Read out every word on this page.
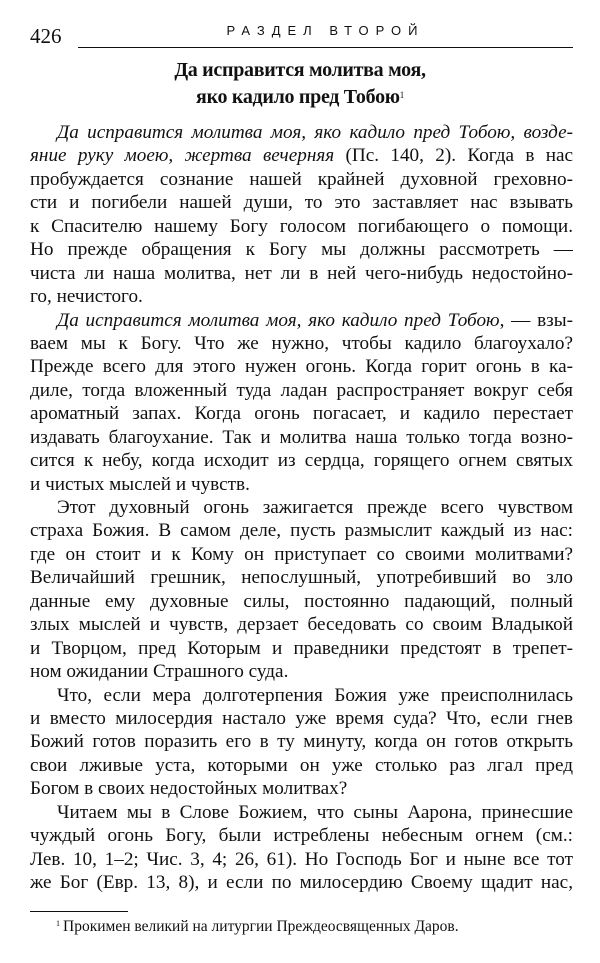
426	РАЗДЕЛ ВТОРОЙ
Да исправится молитва моя,
яко кадило пред Тобою$^1$
Да исправится молитва моя, яко кадило пред Тобою, возде-
яние руку моею, жертва вечерняя (Пс. 140, 2). Когда в нас
пробуждается сознание нашей крайней духовной греховно-
сти и погибели нашей души, то это заставляет нас взывать
к Спасителю нашему Богу голосом погибающего о помощи.
Но прежде обращения к Богу мы должны рассмотреть —
чиста ли наша молитва, нет ли в ней чего-нибудь недостойно-
го, нечистого.
Да исправится молитва моя, яко кадило пред Тобою, — взы-
ваем мы к Богу. Что же нужно, чтобы кадило благоухало?
Прежде всего для этого нужен огонь. Когда горит огонь в ка-
диле, тогда вложенный туда ладан распространяет вокруг себя
ароматный запах. Когда огонь погасает, и кадило перестает
издавать благоухание. Так и молитва наша только тогда возно-
сится к небу, когда исходит из сердца, горящего огнем святых
и чистых мыслей и чувств.
Этот духовный огонь зажигается прежде всего чувством
страха Божия. В самом деле, пусть размыслит каждый из нас:
где он стоит и к Кому он приступает со своими молитвами?
Величайший грешник, непослушный, употребивший во зло
данные ему духовные силы, постоянно падающий, полный
злых мыслей и чувств, дерзает беседовать со своим Владыкой
и Творцом, пред Которым и праведники предстоят в трепет-
ном ожидании Страшного суда.
Что, если мера долготерпения Божия уже преисполнилась
и вместо милосердия настало уже время суда? Что, если гнев
Божий готов поразить его в ту минуту, когда он готов открыть
свои лживые уста, которыми он уже столько раз лгал пред
Богом в своих недостойных молитвах?
Читаем мы в Слове Божием, что сыны Аарона, принесшие
чуждый огонь Богу, были истреблены небесным огнем (см.:
Лев. 10, 1–2; Чис. 3, 4; 26, 61). Но Господь Бог и ныне все тот
же Бог (Евр. 13, 8), и если по милосердию Своему щадит нас,
$^1$ Прокимен великий на литургии Преждеосвященных Даров.
